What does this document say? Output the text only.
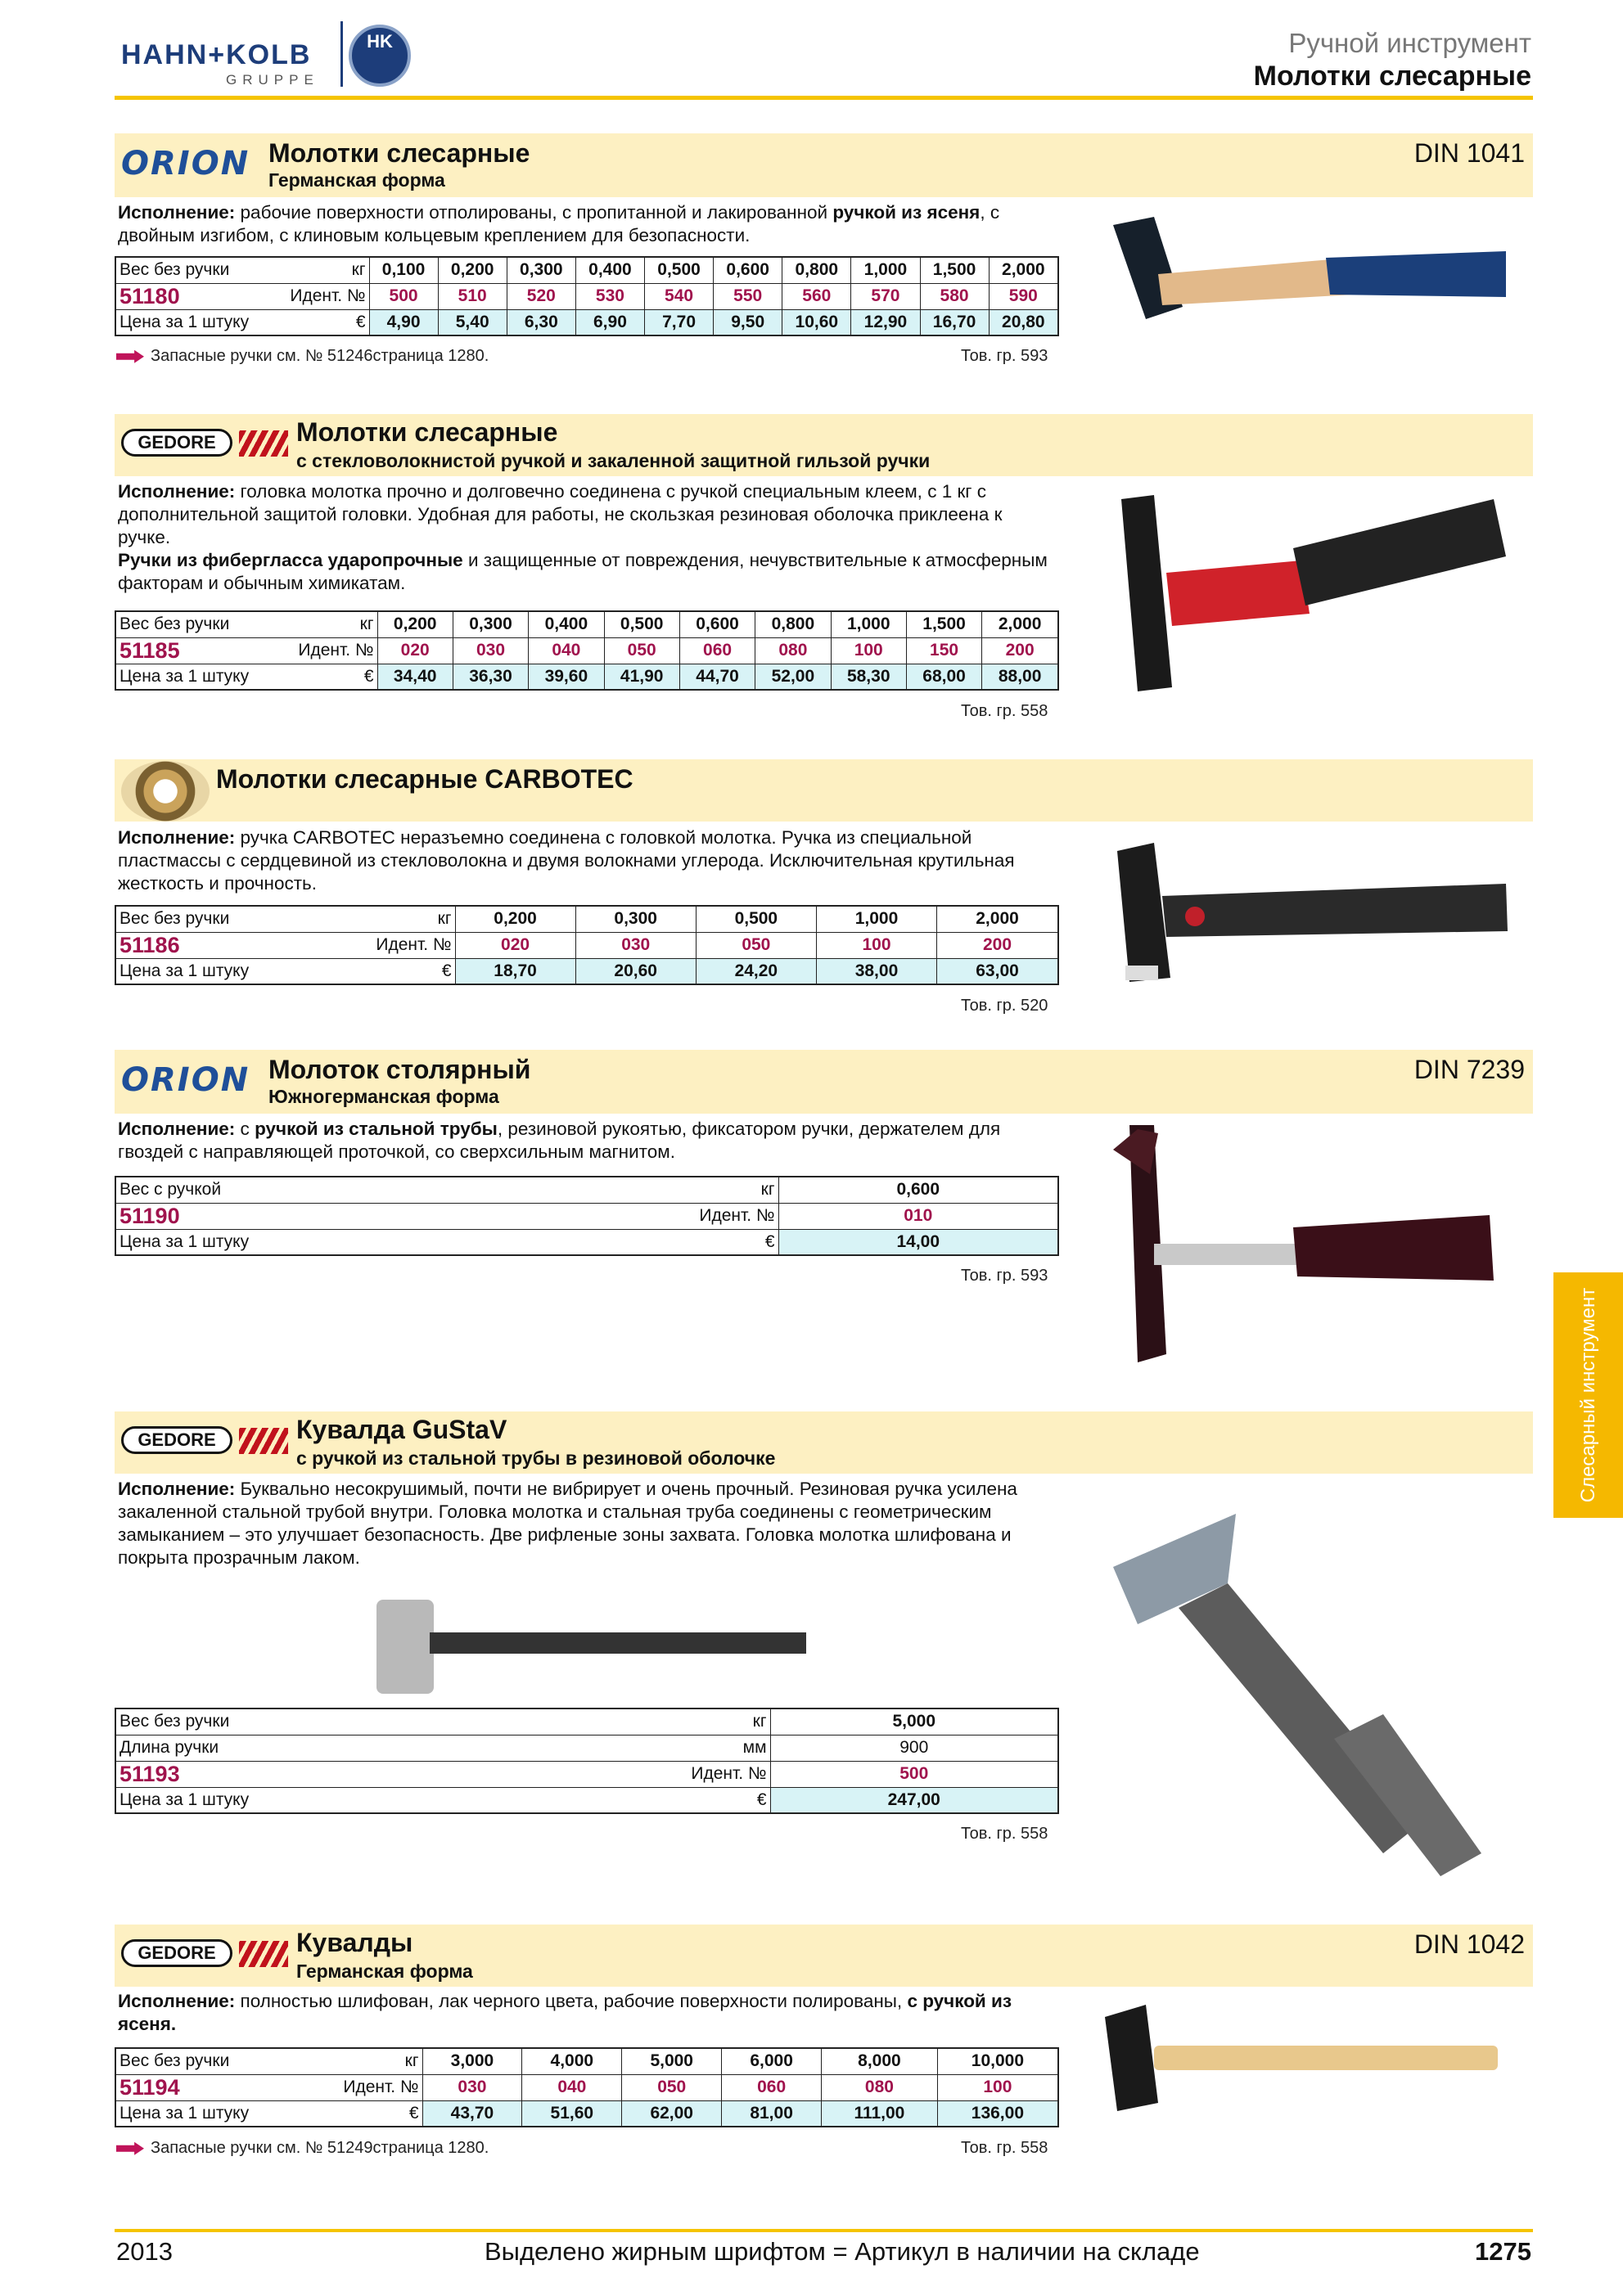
HAHN+KOLB
GRUPPE
HK	Ручной инструмент
Молотки слесарные
ORION Молотки слесарные
Германская форма
DIN 1041
Исполнение: рабочие поверхности отполированы, с пропитанной и лакированной ручкой из ясеня, с двойным изгибом, с клиновым кольцевым креплением для безопасности.
Вес без ручки	кг	0,100	0,200	0,300	0,400	0,500	0,600	0,800	1,000	1,500	2,000
51180	Идент. №	500	510	520	530	540	550	560	570	580	590
Цена за 1 штуку	€	4,90	5,40	6,30	6,90	7,70	9,50	10,60	12,90	16,70	20,80
Запасные ручки см. № 51246страница 1280.	Тов. гр. 593
GEDORE	Молотки слесарные
с стекловолокнистой ручкой и закаленной защитной гильзой ручки
Исполнение: головка молотка прочно и долговечно соединена с ручкой специальным клеем, с 1 кг с дополнительной защитой головки. Удобная для работы, не скользкая резиновая оболочка приклеена к ручке.
Ручки из фибергласса ударопрочные и защищенные от повреждения, нечувствительные к атмосферным факторам и обычным химикатам.
Вес без ручки	кг	0,200	0,300	0,400	0,500	0,600	0,800	1,000	1,500	2,000
51185	Идент. №	020	030	040	050	060	080	100	150	200
Цена за 1 штуку	€	34,40	36,30	39,60	41,90	44,70	52,00	58,30	68,00	88,00
Тов. гр. 558
Молотки слесарные CARBOTEC
Исполнение: ручка CARBOTEC неразъемно соединена с головкой молотка. Ручка из специальной пластмассы с сердцевиной из стекловолокна и двумя волокнами углерода. Исключительная крутильная жесткость и прочность.
Вес без ручки	кг	0,200	0,300	0,500	1,000	2,000
51186	Идент. №	020	030	050	100	200
Цена за 1 штуку	€	18,70	20,60	24,20	38,00	63,00
Тов. гр. 520
ORION Молоток столярный
Южногерманская форма
DIN 7239
Исполнение: с ручкой из стальной трубы, резиновой рукоятью, фиксатором ручки, держателем для гвоздей с направляющей проточкой, со сверхсильным магнитом.
Вес с ручкой	кг	0,600
51190	Идент. №	010
Цена за 1 штуку	€	14,00
Тов. гр. 593
GEDORE	Кувалда GuStaV
с ручкой из стальной трубы в резиновой оболочке
Исполнение: Буквально несокрушимый, почти не вибрирует и очень прочный. Резиновая ручка усилена закаленной стальной трубой внутри. Головка молотка и стальная труба соединены с геометрическим замыканием – это улучшает безопасность. Две рифленые зоны захвата. Головка молотка шлифована и покрыта прозрачным лаком.
Вес без ручки	кг	5,000
Длина ручки	мм	900
51193	Идент. №	500
Цена за 1 штуку	€	247,00
Тов. гр. 558
GEDORE	Кувалды
Германская форма
DIN 1042
Исполнение: полностью шлифован, лак черного цвета, рабочие поверхности полированы, с ручкой из ясеня.
Вес без ручки	кг	3,000	4,000	5,000	6,000	8,000	10,000
51194	Идент. №	030	040	050	060	080	100
Цена за 1 штуку	€	43,70	51,60	62,00	81,00	111,00	136,00
Запасные ручки см. № 51249страница 1280.	Тов. гр. 558
Слесарный инструмент
2013	Выделено жирным шрифтом = Артикул в наличии на складе	1275
